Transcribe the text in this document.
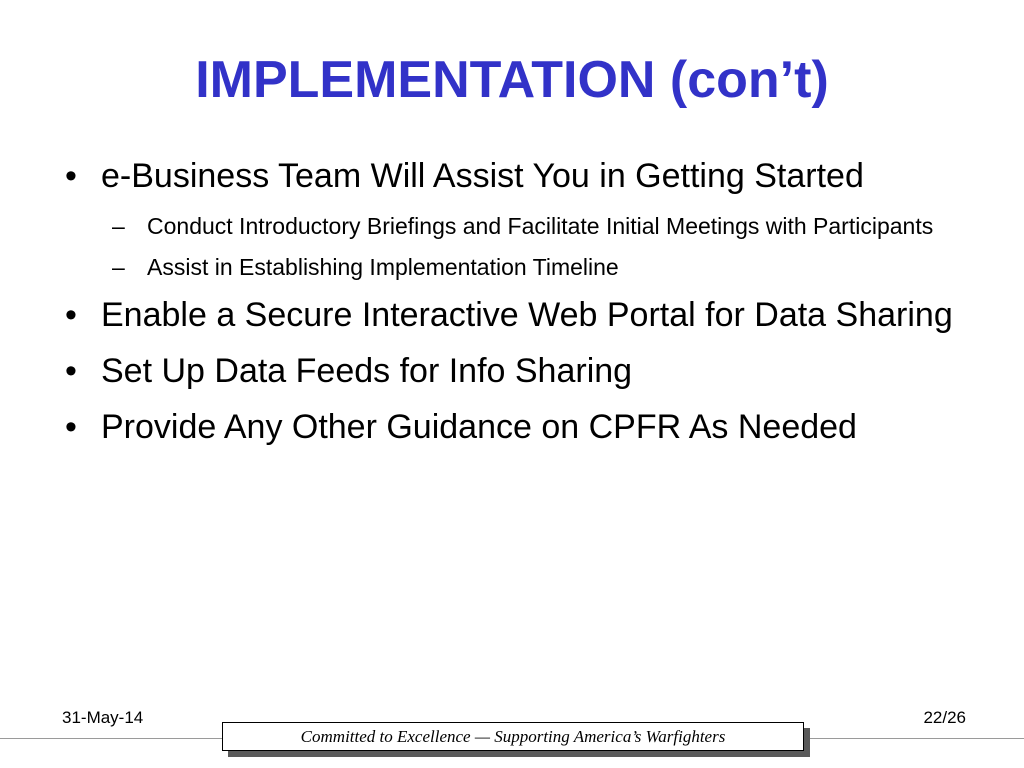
IMPLEMENTATION (con’t)
• e-Business Team Will Assist You in Getting Started
– Conduct Introductory Briefings and Facilitate Initial Meetings with Participants
– Assist in Establishing Implementation Timeline
• Enable a Secure Interactive Web Portal for Data Sharing
• Set Up Data Feeds for Info Sharing
• Provide Any Other Guidance on CPFR As Needed
31-May-14	22/26
Committed to Excellence — Supporting America’s Warfighters
